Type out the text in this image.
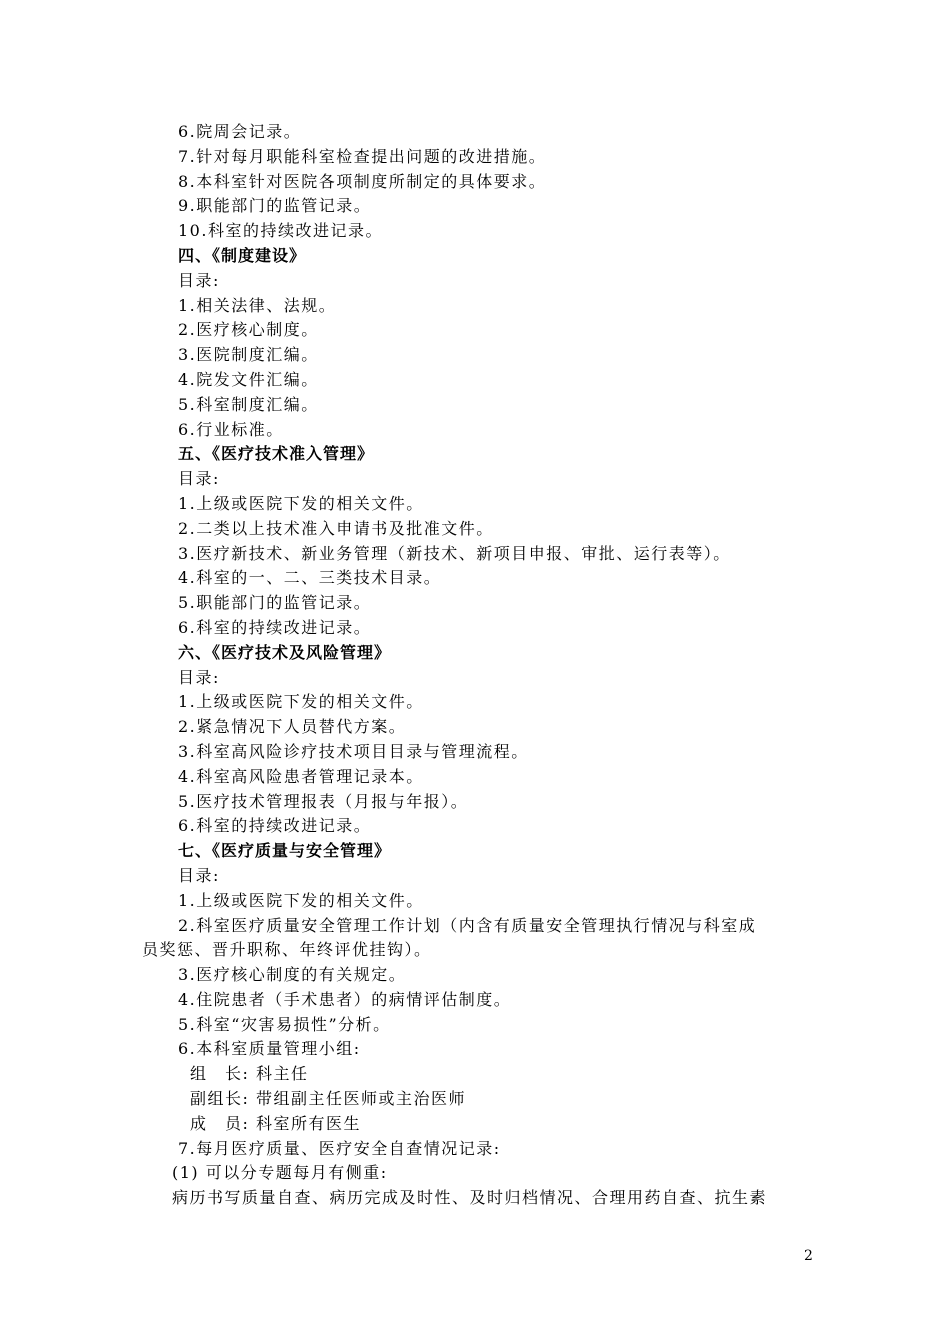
6.院周会记录。
7.针对每月职能科室检查提出问题的改进措施。
8.本科室针对医院各项制度所制定的具体要求。
9.职能部门的监管记录。
10.科室的持续改进记录。
四、《制度建设》
目录:
1.相关法律、法规。
2.医疗核心制度。
3.医院制度汇编。
4.院发文件汇编。
5.科室制度汇编。
6.行业标准。
五、《医疗技术准入管理》
目录:
1.上级或医院下发的相关文件。
2.二类以上技术准入申请书及批准文件。
3.医疗新技术、新业务管理（新技术、新项目申报、审批、运行表等）。
4.科室的一、二、三类技术目录。
5.职能部门的监管记录。
6.科室的持续改进记录。
六、《医疗技术及风险管理》
目录:
1.上级或医院下发的相关文件。
2.紧急情况下人员替代方案。
3.科室高风险诊疗技术项目目录与管理流程。
4.科室高风险患者管理记录本。
5.医疗技术管理报表（月报与年报）。
6.科室的持续改进记录。
七、《医疗质量与安全管理》
目录:
1.上级或医院下发的相关文件。
2.科室医疗质量安全管理工作计划（内含有质量安全管理执行情况与科室成
员奖惩、晋升职称、年终评优挂钩）。
3.医疗核心制度的有关规定。
4.住院患者（手术患者）的病情评估制度。
5.科室“灾害易损性”分析。
6.本科室质量管理小组:
组　长: 科主任
副组长: 带组副主任医师或主治医师
成　员: 科室所有医生
7.每月医疗质量、医疗安全自查情况记录:
(1) 可以分专题每月有侧重:
病历书写质量自查、病历完成及时性、及时归档情况、合理用药自查、抗生素
2
